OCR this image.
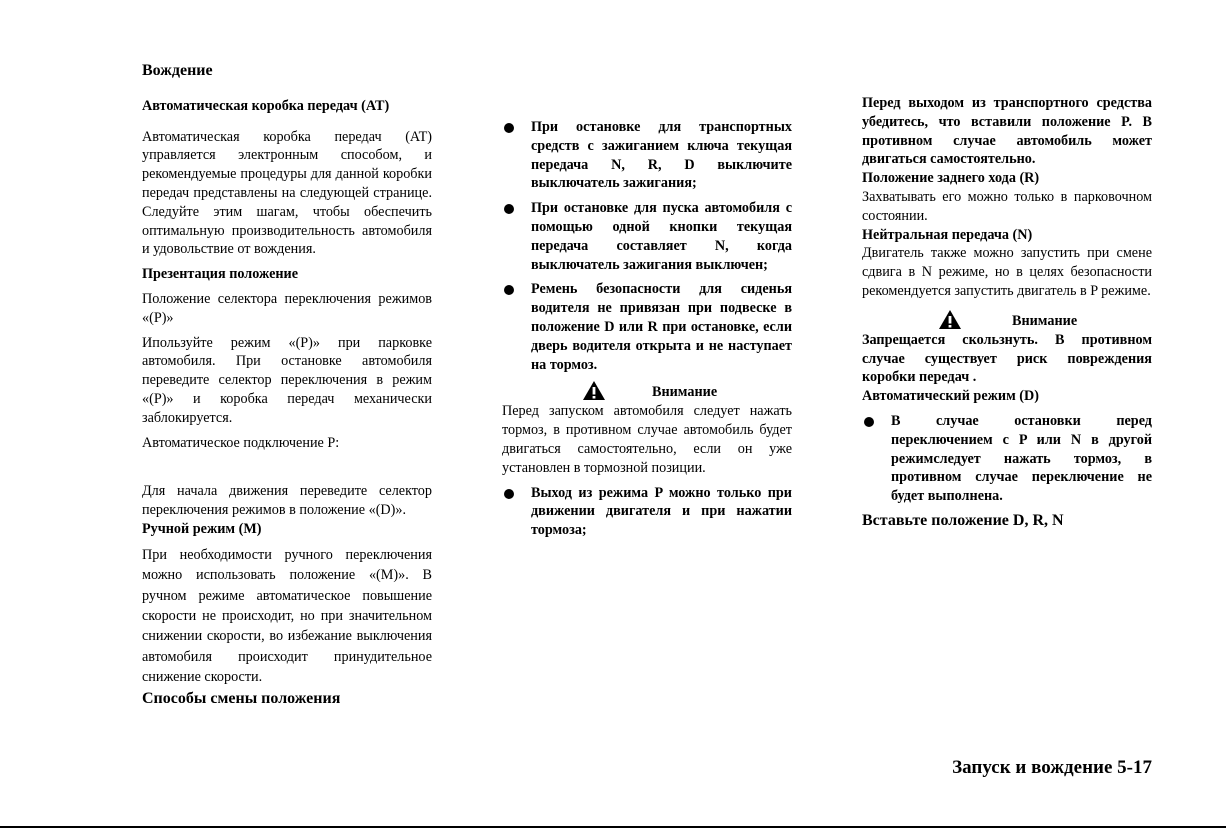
Вождение
Автоматическая коробка передач (AT)

Автоматическая коробка передач (AT) управляется электронным способом, и рекомендуемые процедуры для данной коробки передач представлены на следующей странице. Следуйте этим шагам, чтобы обеспечить оптимальную производительность автомобиля и удовольствие от вождения.

Презентация положение

Положение селектора переключения режимов «(P)»

Ипользуйте режим «(P)» при парковке автомобиля. При остановке автомобиля переведите селектор переключения в режим «(P)» и коробка передач механически заблокируется.

Автоматическое подключение P:

Для начала движения переведите селектор переключения режимов в положение «(D)».

Ручной режим (M)

При необходимости ручного переключения можно использовать положение «(M)». В ручном режиме автоматическое повышение скорости не происходит, но при значительном снижении скорости, во избежание выключения автомобиля происходит принудительное снижение скорости.

Способы смены положения
При остановке для транспортных средств с зажиганием ключа текущая передача N, R, D выключите выключатель зажигания;
При остановке для пуска автомобиля с помощью одной кнопки текущая передача составляет N, когда выключатель зажигания выключен;
Ремень безопасности для сиденья водителя не привязан при подвеске в положение D или R при остановке, если дверь водителя открыта и не наступает на тормоз.
Внимание

Перед запуском автомобиля следует нажать тормоз, в противном случае автомобиль будет двигаться самостоятельно, если он уже установлен в тормозной позиции.

Выход из режима P можно только при движении двигателя и при нажатии тормоза;

Перед выходом из транспортного средства убедитесь, что вставили положение P. В противном случае автомобиль может двигаться самостоятельно.

Положение заднего хода (R)

Захватывать его можно только в парковочном состоянии.

Нейтральная передача (N)

Двигатель также можно запустить при смене сдвига в N режиме, но в целях безопасности рекомендуется запустить двигатель в P режиме.

Внимание

Запрещается скользнуть. В противном случае существует риск повреждения коробки передач .

Автоматический режим (D)
В случае остановки перед переключением с P или N в другой режимследует нажать тормоз, в противном случае переключение не будет выполнена.
Вставьте положение D, R, N
Запуск и вождение 5-17
